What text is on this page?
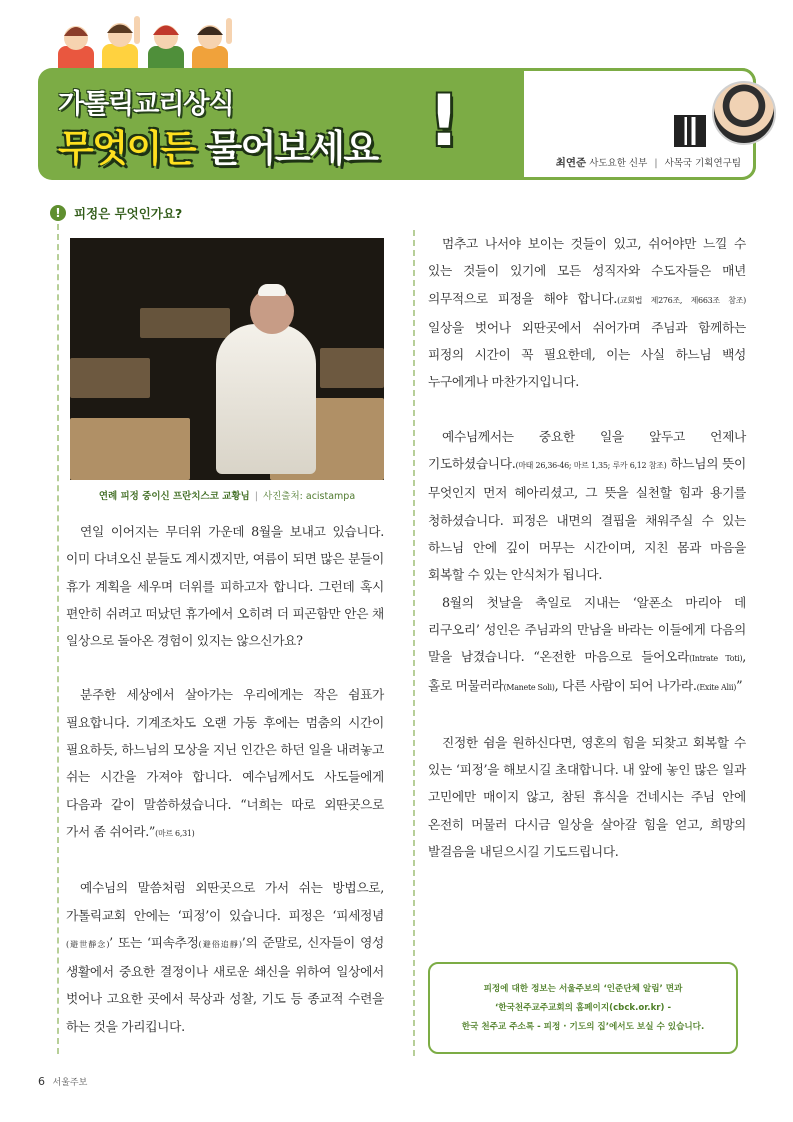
가톨릭교리상식
무엇이든 물어보세요 !
최연준 사도요한 신부 | 사목국 기획연구팀
!	피정은 무엇인가요?
연례 피정 중이신 프란치스코 교황님 | 사진출처: acistampa

연일 이어지는 무더위 가운데 8월을 보내고 있습니다. 이미 다녀오신 분들도 계시겠지만, 여름이 되면 많은 분들이 휴가 계획을 세우며 더위를 피하고자 합니다. 그런데 혹시 편안히 쉬려고 떠났던 휴가에서 오히려 더 피곤함만 안은 채 일상으로 돌아온 경험이 있지는 않으신가요?

분주한 세상에서 살아가는 우리에게는 작은 쉼표가 필요합니다. 기계조차도 오랜 가동 후에는 멈춤의 시간이 필요하듯, 하느님의 모상을 지닌 인간은 하던 일을 내려놓고 쉬는 시간을 가져야 합니다. 예수님께서도 사도들에게 다음과 같이 말씀하셨습니다. “너희는 따로 외딴곳으로 가서 좀 쉬어라.”(마르 6,31)

예수님의 말씀처럼 외딴곳으로 가서 쉬는 방법으로, 가톨릭교회 안에는 ‘피정’이 있습니다. 피정은 ‘피세정념(避世靜念)’ 또는 ‘피속추정(避俗追靜)’의 준말로, 신자들이 영성 생활에서 중요한 결정이나 새로운 쇄신을 위하여 일상에서 벗어나 고요한 곳에서 묵상과 성찰, 기도 등 종교적 수련을 하는 것을 가리킵니다.

멈추고 나서야 보이는 것들이 있고, 쉬어야만 느낄 수 있는 것들이 있기에 모든 성직자와 수도자들은 매년 의무적으로 피정을 해야 합니다.(교회법 제276조, 제663조 참조) 일상을 벗어나 외딴곳에서 쉬어가며 주님과 함께하는 피정의 시간이 꼭 필요한데, 이는 사실 하느님 백성 누구에게나 마찬가지입니다.

예수님께서는 중요한 일을 앞두고 언제나 기도하셨습니다.(마태 26,36-46; 마르 1,35; 루카 6,12 참조) 하느님의 뜻이 무엇인지 먼저 헤아리셨고, 그 뜻을 실천할 힘과 용기를 청하셨습니다. 피정은 내면의 결핍을 채워주실 수 있는 하느님 안에 깊이 머무는 시간이며, 지친 몸과 마음을 회복할 수 있는 안식처가 됩니다.

8월의 첫날을 축일로 지내는 ‘알폰소 마리아 데 리구오리’ 성인은 주님과의 만남을 바라는 이들에게 다음의 말을 남겼습니다. “온전한 마음으로 들어오라(Intrate Toti), 홀로 머물러라(Manete Soli), 다른 사람이 되어 나가라.(Exite Alii)”

진정한 쉼을 원하신다면, 영혼의 힘을 되찾고 회복할 수 있는 ‘피정’을 해보시길 초대합니다. 내 앞에 놓인 많은 일과 고민에만 매이지 않고, 참된 휴식을 건네시는 주님 안에 온전히 머물러 다시금 일상을 살아갈 힘을 얻고, 희망의 발걸음을 내딛으시길 기도드립니다.

피정에 대한 정보는 서울주보의 ‘인준단체 알림’ 면과
‘한국천주교주교회의 홈페이지(cbck.or.kr) -
한국 천주교 주소록 - 피정 · 기도의 집’에서도 보실 수 있습니다.
6 서울주보
